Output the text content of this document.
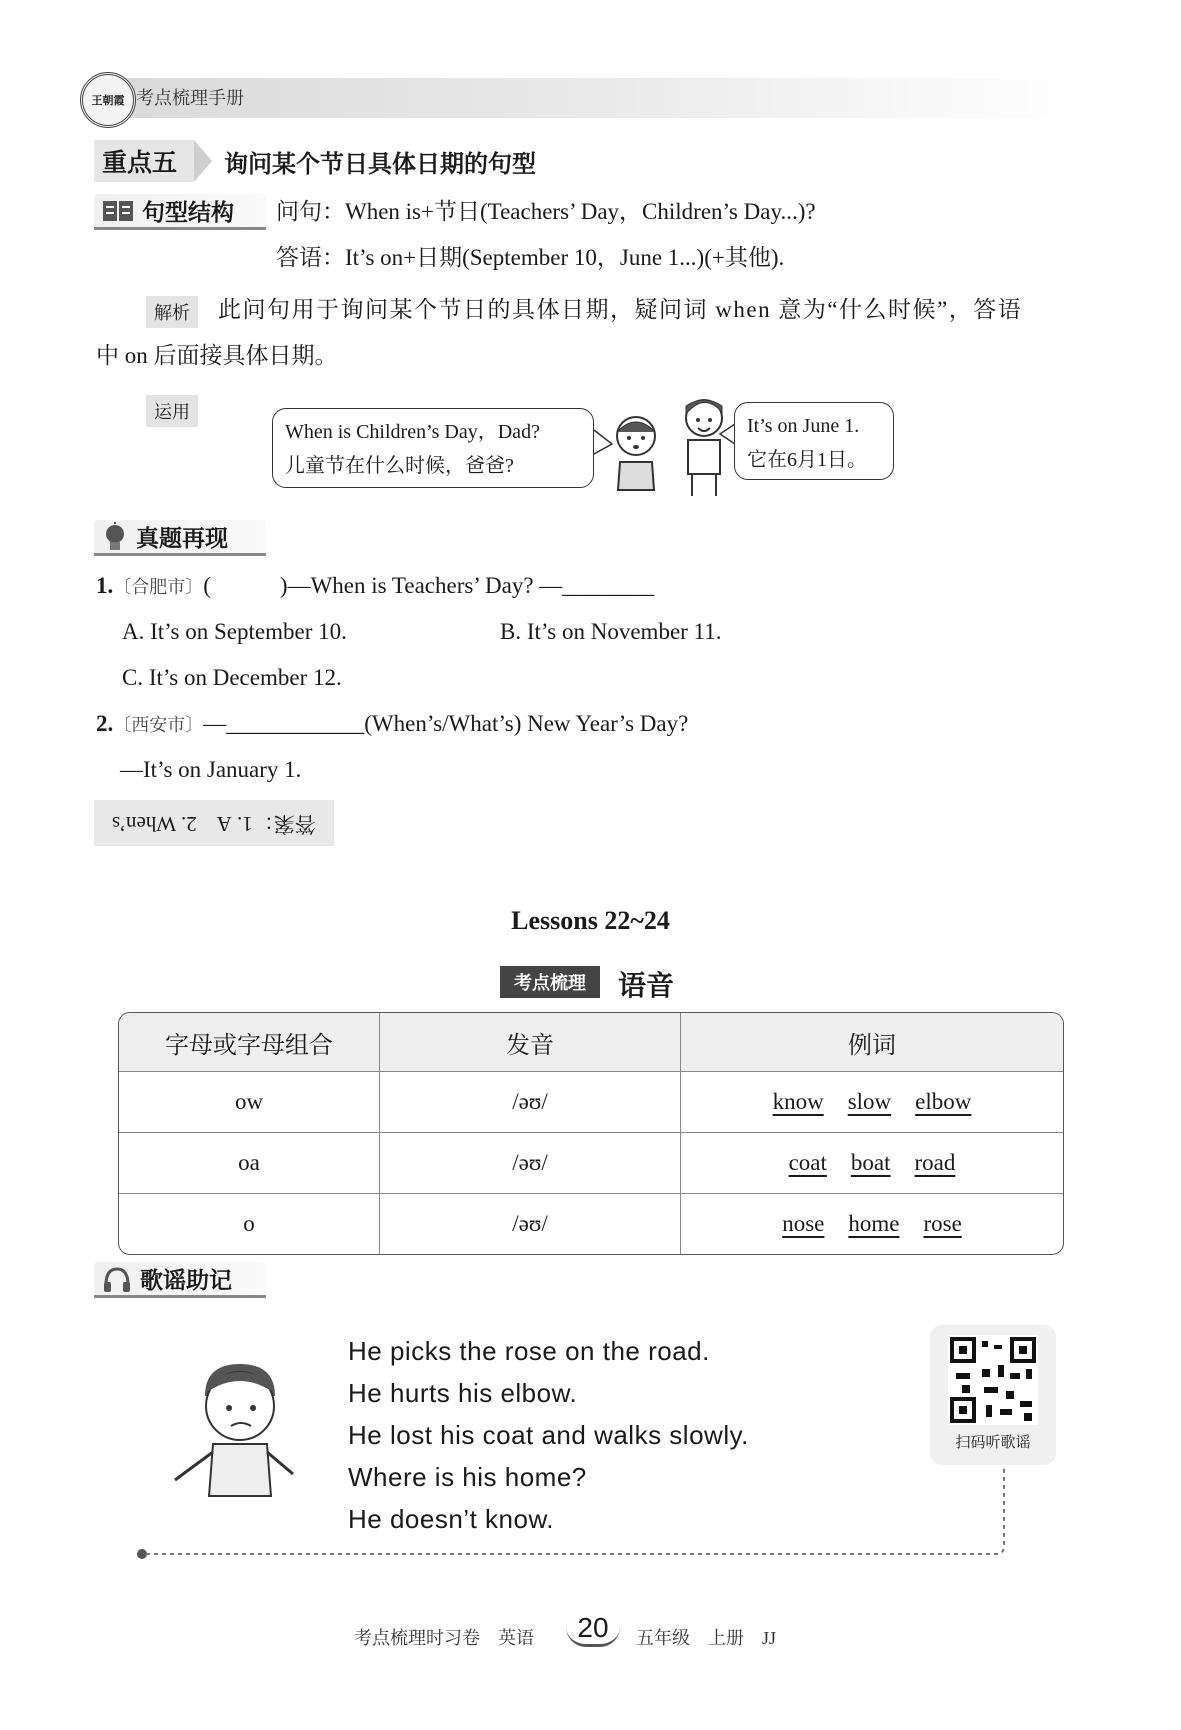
王朝霞 考点梳理手册
重点五	询问某个节日具体日期的句型
句型结构 问句：When is+节日(Teachers’ Day，Children’s Day...)?
答语：It’s on+日期(September 10，June 1...)(+其他).
解析	此问句用于询问某个节日的具体日期，疑问词 when 意为“什么时候”，答语
中 on 后面接具体日期。
运用
When is Children’s Day，Dad?
儿童节在什么时候，爸爸?
It’s on June 1.
它在6月1日。
真题再现
1.〔合肥市〕(　　　)—When is Teachers’ Day? —________
A. It’s on September 10.	B. It’s on November 11.
C. It’s on December 12.
2.〔西安市〕—____________(When’s/What’s) New Year’s Day?
—It’s on January 1.
答案：1. A　2. When’s
Lessons 22~24
考点梳理	语音
字母或字母组合	发音	例词
ow	/əʊ/	know slow elbow
oa	/əʊ/	coat boat road
o	/əʊ/	nose home rose
歌谣助记
He picks the rose on the road.
He hurts his elbow.
He lost his coat and walks slowly.
Where is his home?
He doesn’t know.
扫码听歌谣
考点梳理时习卷　英语	20	五年级　上册　JJ
